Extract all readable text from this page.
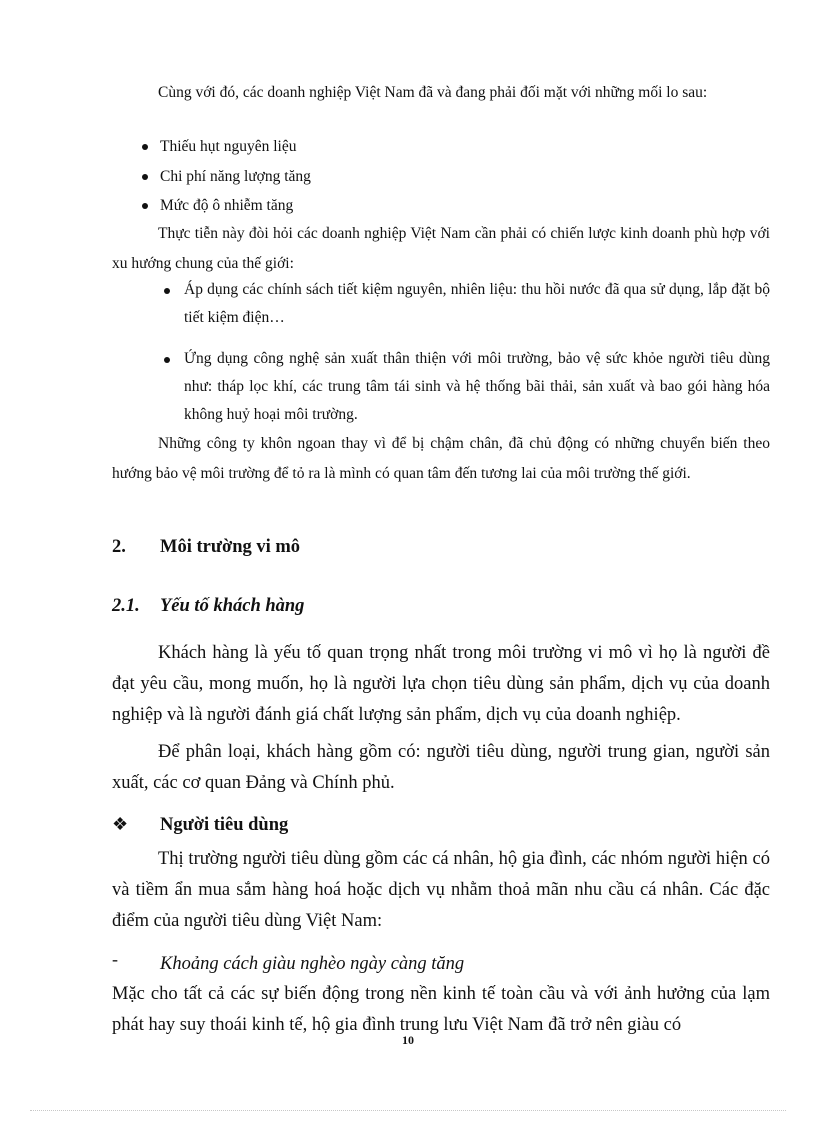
Cùng với đó, các doanh nghiệp Việt Nam đã và đang phải đối mặt với những mối lo sau:
Thiếu hụt nguyên liệu
Chi phí năng lượng tăng
Mức độ ô nhiễm tăng
Thực tiễn này đòi hỏi các doanh nghiệp Việt Nam cần phải có chiến lược kinh doanh phù hợp với xu hướng chung của thế giới:
Áp dụng các chính sách tiết kiệm nguyên, nhiên liệu: thu hồi nước đã qua sử dụng, lắp đặt bộ tiết kiệm điện…
Ứng dụng công nghệ sản xuất thân thiện với môi trường, bảo vệ sức khỏe người tiêu dùng như: tháp lọc khí, các trung tâm tái sinh và hệ thống bãi thải, sản xuất và bao gói hàng hóa không huỷ hoại môi trường.
Những công ty khôn ngoan thay vì để bị chậm chân, đã chủ động có những chuyển biến theo hướng bảo vệ môi trường để tỏ ra là mình có quan tâm đến tương lai của môi trường thế giới.
2. Môi trường vi mô
2.1. Yếu tố khách hàng
Khách hàng là yếu tố quan trọng nhất trong môi trường vi mô vì họ là người đề đạt yêu cầu, mong muốn, họ là người lựa chọn tiêu dùng sản phẩm, dịch vụ của doanh nghiệp và là người đánh giá chất lượng sản phẩm, dịch vụ của doanh nghiệp.
Để phân loại, khách hàng gồm có: người tiêu dùng, người trung gian, người sản xuất, các cơ quan Đảng và Chính phủ.
❖ Người tiêu dùng
Thị trường người tiêu dùng gồm các cá nhân, hộ gia đình, các nhóm người hiện có và tiềm ẩn mua sắm hàng hoá hoặc dịch vụ nhằm thoả mãn nhu cầu cá nhân. Các đặc điểm của người tiêu dùng Việt Nam:
- Khoảng cách giàu nghèo ngày càng tăng
Mặc cho tất cả các sự biến động trong nền kinh tế toàn cầu và với ảnh hưởng của lạm phát hay suy thoái kinh tế, hộ gia đình trung lưu Việt Nam đã trở nên giàu có
10
